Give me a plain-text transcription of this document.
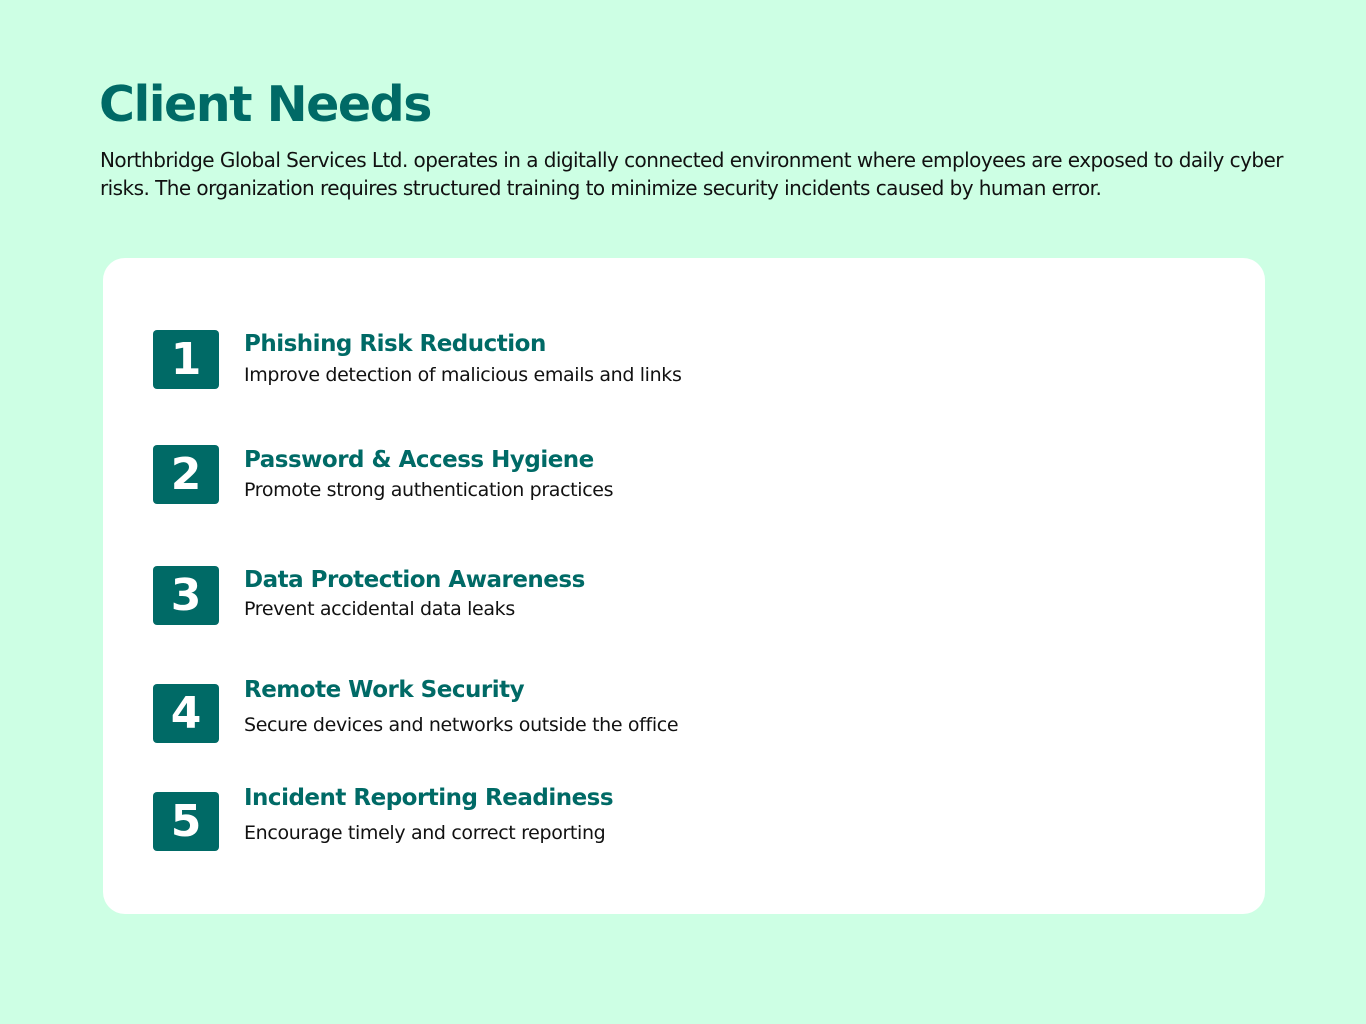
Client Needs

Northbridge Global Services Ltd. operates in a digitally connected environment where employees are exposed to daily cyber risks. The organization requires structured training to minimize security incidents caused by human error.

1	Phishing Risk Reduction

Improve detection of malicious emails and links

2	Password & Access Hygiene

Promote strong authentication practices

3	Data Protection Awareness

Prevent accidental data leaks

4	Remote Work Security

Secure devices and networks outside the office

5	Incident Reporting Readiness

Encourage timely and correct reporting
